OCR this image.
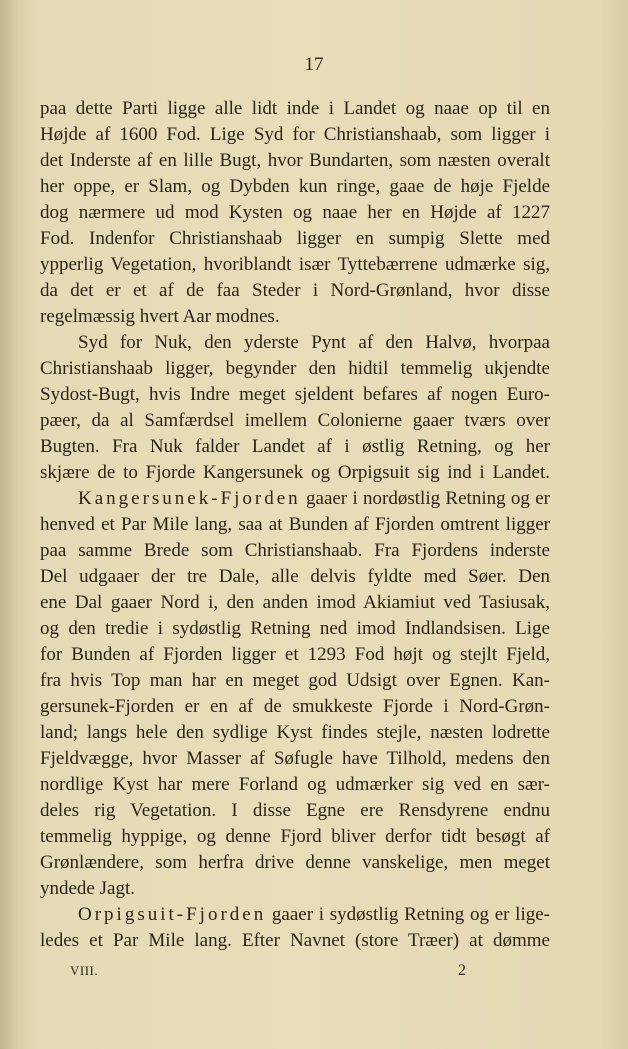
17
paa dette Parti ligge alle lidt inde i Landet og naae op til en
Højde af 1600 Fod. Lige Syd for Christianshaab, som ligger i
det Inderste af en lille Bugt, hvor Bundarten, som næsten overalt
her oppe, er Slam, og Dybden kun ringe, gaae de høje Fjelde
dog nærmere ud mod Kysten og naae her en Højde af 1227
Fod. Indenfor Christianshaab ligger en sumpig Slette med
ypperlig Vegetation, hvoriblandt især Tyttebærrene udmærke sig,
da det er et af de faa Steder i Nord-Grønland, hvor disse
regelmæssig hvert Aar modnes.
Syd for Nuk, den yderste Pynt af den Halvø, hvorpaa
Christianshaab ligger, begynder den hidtil temmelig ukjendte
Sydost-Bugt, hvis Indre meget sjeldent befares af nogen Euro-
pæer, da al Samfærdsel imellem Colonierne gaaer tværs over
Bugten. Fra Nuk falder Landet af i østlig Retning, og her
skjære de to Fjorde Kangersunek og Orpigsuit sig ind i Landet.
Kangersunek-Fjorden gaaer i nordøstlig Retning og er
henved et Par Mile lang, saa at Bunden af Fjorden omtrent ligger
paa samme Brede som Christianshaab. Fra Fjordens inderste
Del udgaaer der tre Dale, alle delvis fyldte med Søer. Den
ene Dal gaaer Nord i, den anden imod Akiamiut ved Tasiusak,
og den tredie i sydøstlig Retning ned imod Indlandsisen. Lige
for Bunden af Fjorden ligger et 1293 Fod højt og stejlt Fjeld,
fra hvis Top man har en meget god Udsigt over Egnen. Kan-
gersunek-Fjorden er en af de smukkeste Fjorde i Nord-Grøn-
land; langs hele den sydlige Kyst findes stejle, næsten lodrette
Fjeldvægge, hvor Masser af Søfugle have Tilhold, medens den
nordlige Kyst har mere Forland og udmærker sig ved en sær-
deles rig Vegetation. I disse Egne ere Rensdyrene endnu
temmelig hyppige, og denne Fjord bliver derfor tidt besøgt af
Grønlændere, som herfra drive denne vanskelige, men meget
yndede Jagt.
Orpigsuit-Fjorden gaaer i sydøstlig Retning og er lige-
ledes et Par Mile lang. Efter Navnet (store Træer) at dømme
VIII.	2
